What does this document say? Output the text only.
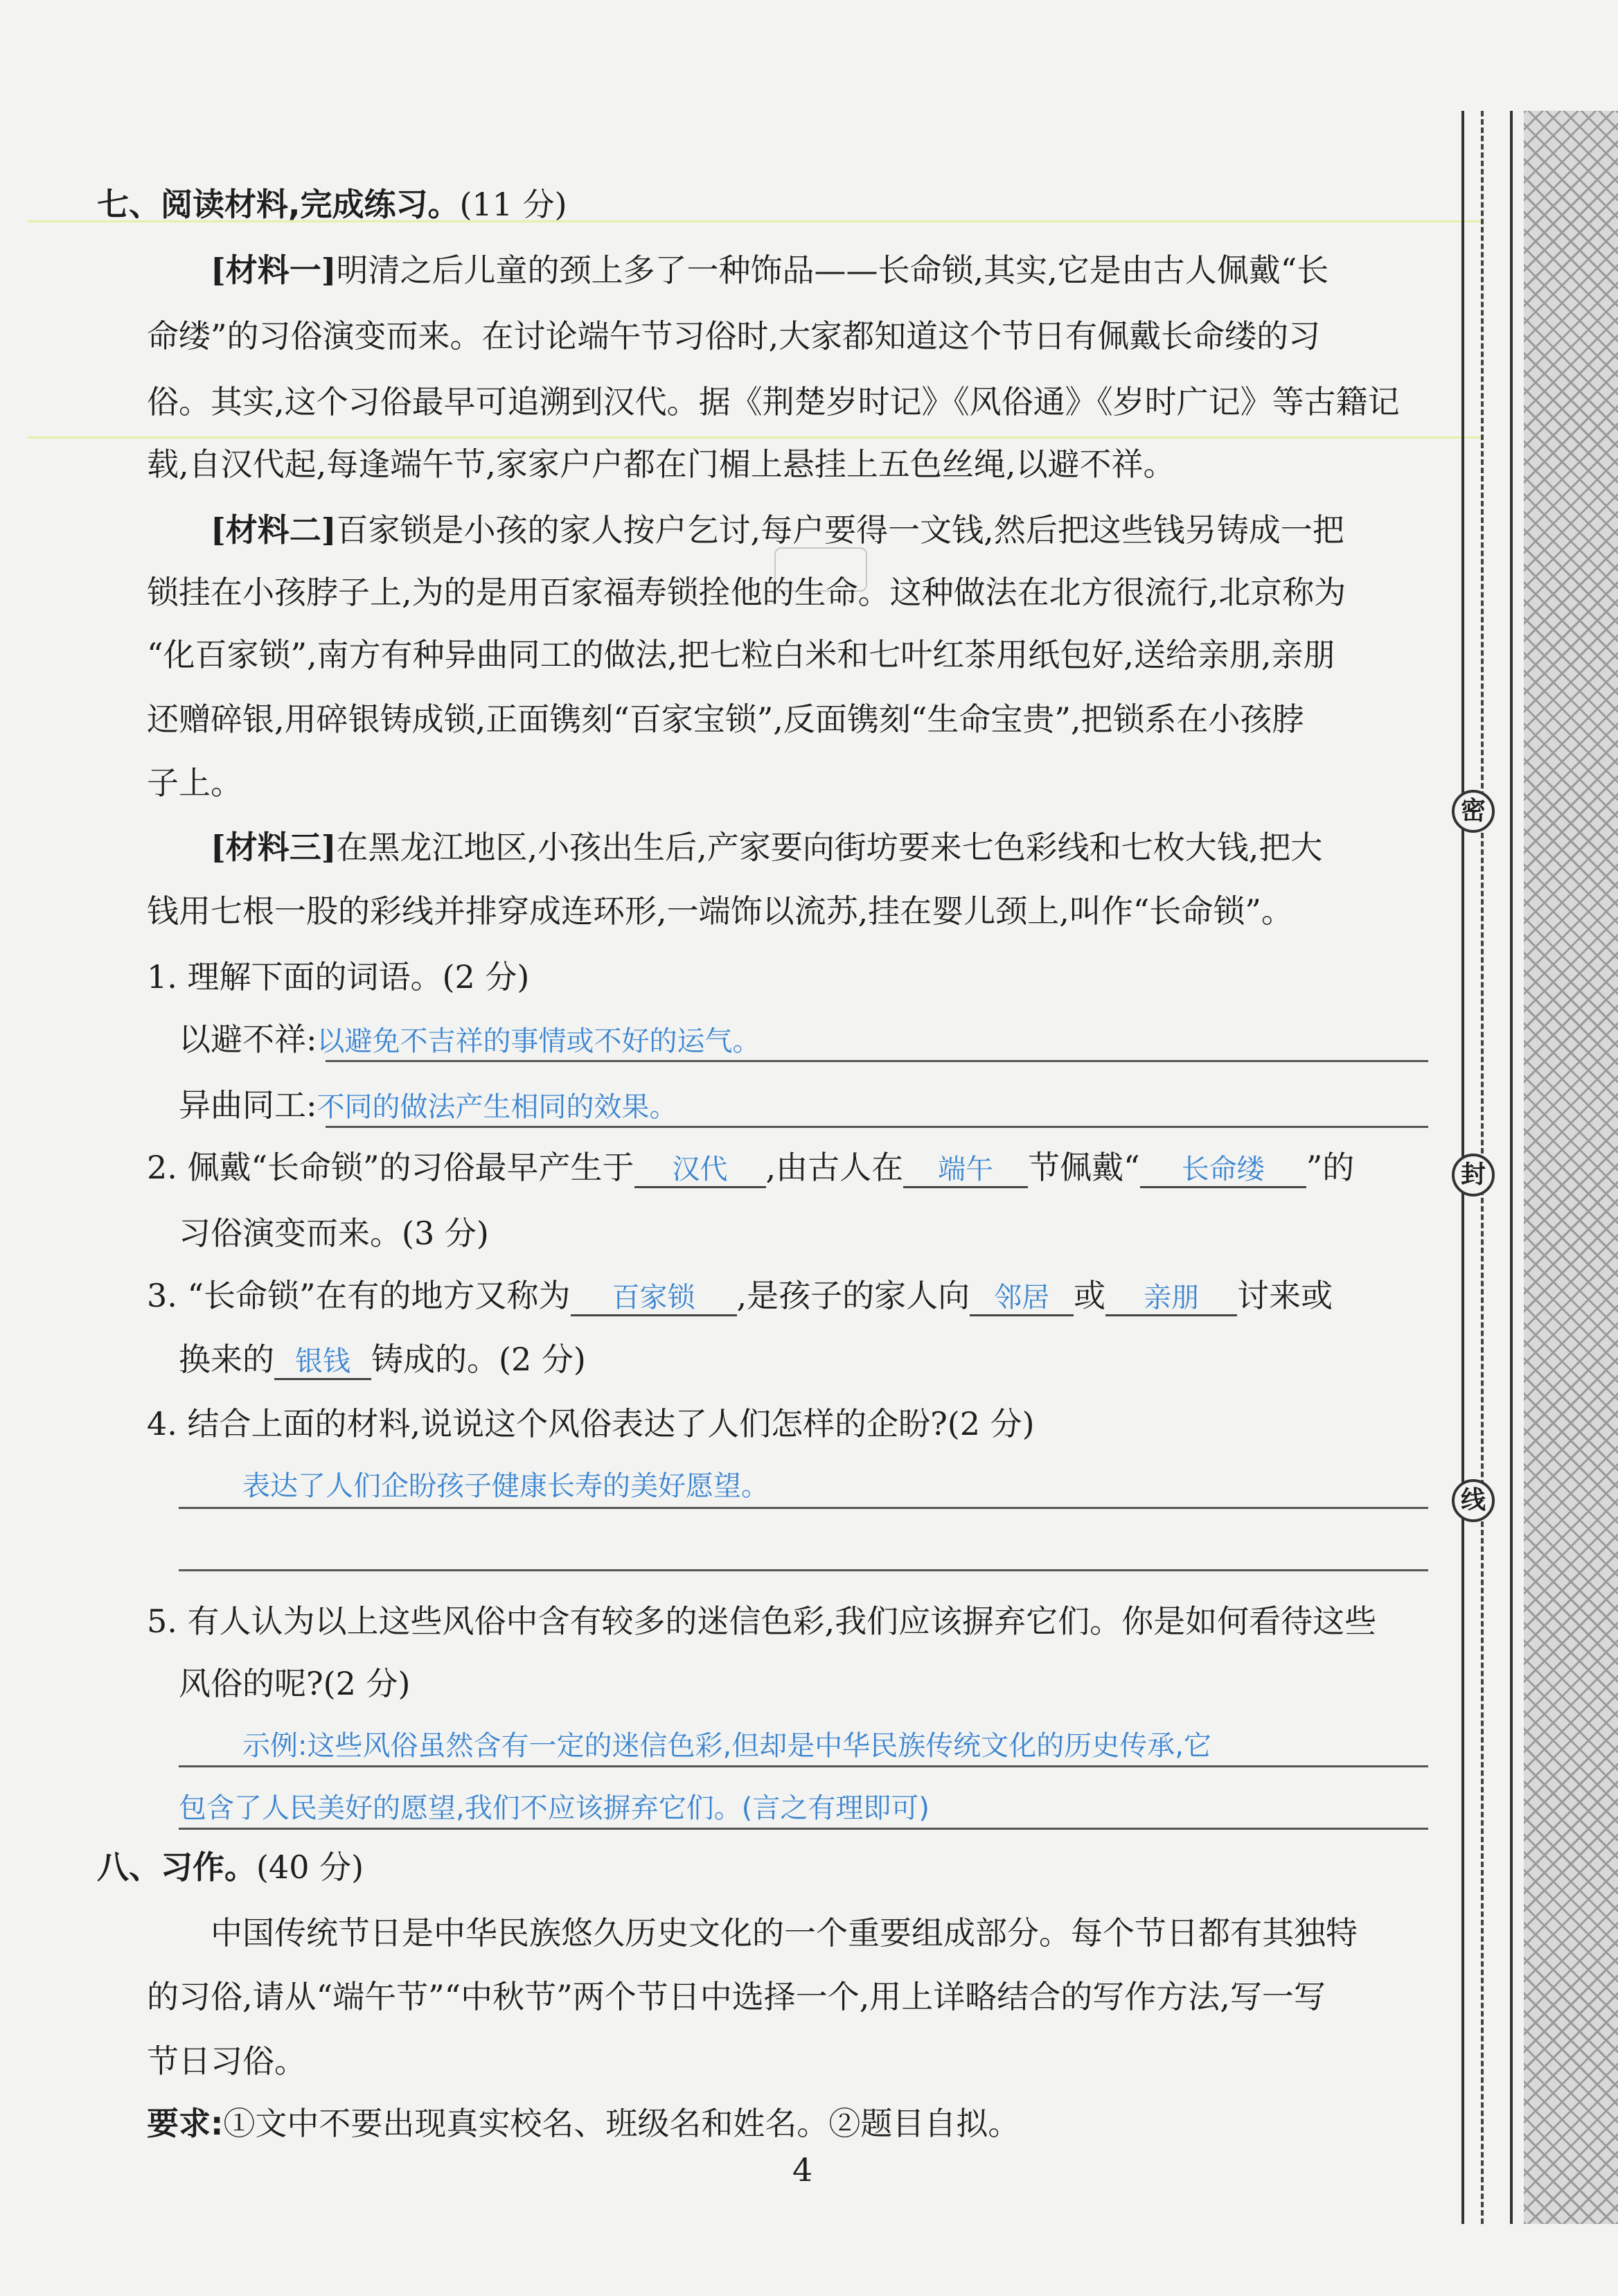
七、阅读材料,完成练习。(11 分)
[材料一]明清之后儿童的颈上多了一种饰品——长命锁,其实,它是由古人佩戴“长
命缕”的习俗演变而来。在讨论端午节习俗时,大家都知道这个节日有佩戴长命缕的习
俗。其实,这个习俗最早可追溯到汉代。据《荆楚岁时记》《风俗通》《岁时广记》等古籍记
载,自汉代起,每逢端午节,家家户户都在门楣上悬挂上五色丝绳,以避不祥。
[材料二]百家锁是小孩的家人按户乞讨,每户要得一文钱,然后把这些钱另铸成一把
锁挂在小孩脖子上,为的是用百家福寿锁拴他的生命。这种做法在北方很流行,北京称为
“化百家锁”,南方有种异曲同工的做法,把七粒白米和七叶红茶用纸包好,送给亲朋,亲朋
还赠碎银,用碎银铸成锁,正面镌刻“百家宝锁”,反面镌刻“生命宝贵”,把锁系在小孩脖
子上。
[材料三]在黑龙江地区,小孩出生后,产家要向街坊要来七色彩线和七枚大钱,把大
钱用七根一股的彩线并排穿成连环形,一端饰以流苏,挂在婴儿颈上,叫作“长命锁”。
1. 理解下面的词语。(2 分)
以避不祥:以避免不吉祥的事情或不好的运气。
异曲同工:不同的做法产生相同的效果。
2. 佩戴“长命锁”的习俗最早产生于 汉代 ,由古人在 端午 节佩戴“ 长命缕 ”的
习俗演变而来。(3 分)
3. “长命锁”在有的地方又称为 百家锁 ,是孩子的家人向 邻居 或 亲朋 讨来或
换来的 银钱 铸成的。(2 分)
4. 结合上面的材料,说说这个风俗表达了人们怎样的企盼?(2 分)
表达了人们企盼孩子健康长寿的美好愿望。
5. 有人认为以上这些风俗中含有较多的迷信色彩,我们应该摒弃它们。你是如何看待这些
风俗的呢?(2 分)
示例:这些风俗虽然含有一定的迷信色彩,但却是中华民族传统文化的历史传承,它
包含了人民美好的愿望,我们不应该摒弃它们。(言之有理即可)
八、习作。(40 分)
中国传统节日是中华民族悠久历史文化的一个重要组成部分。每个节日都有其独特
的习俗,请从“端午节”“中秋节”两个节日中选择一个,用上详略结合的写作方法,写一写
节日习俗。
要求:①文中不要出现真实校名、班级名和姓名。②题目自拟。
4
密
封
线
